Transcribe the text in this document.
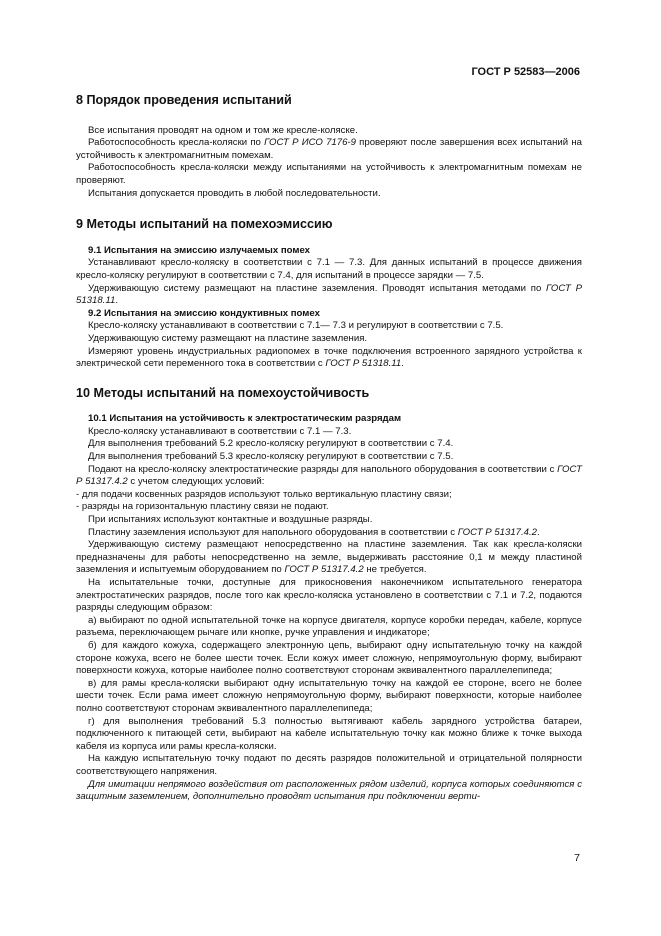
ГОСТ Р 52583—2006
8 Порядок проведения испытаний

Все испытания проводят на одном и том же кресле-коляске.

Работоспособность кресла-коляски по ГОСТ Р ИСО 7176-9 проверяют после завершения всех испытаний на устойчивость к электромагнитным помехам.

Работоспособность кресла-коляски между испытаниями на устойчивость к электромагнитным помехам не проверяют.

Испытания допускается проводить в любой последовательности.

9 Методы испытаний на помехоэмиссию
9.1 Испытания на эмиссию излучаемых помех

Устанавливают кресло-коляску в соответствии с 7.1 — 7.3. Для данных испытаний в процессе движения кресло-коляску регулируют в соответствии с 7.4, для испытаний в процессе зарядки — 7.5.

Удерживающую систему размещают на пластине заземления. Проводят испытания методами по ГОСТ Р 51318.11.

9.2 Испытания на эмиссию кондуктивных помех

Кресло-коляску устанавливают в соответствии с 7.1— 7.3 и регулируют в соответствии с 7.5.

Удерживающую систему размещают на пластине заземления.

Измеряют уровень индустриальных радиопомех в точке подключения встроенного зарядного устройства к электрической сети переменного тока в соответствии с ГОСТ Р 51318.11.

10 Методы испытаний на помехоустойчивость
10.1 Испытания на устойчивость к электростатическим разрядам

Кресло-коляску устанавливают в соответствии с 7.1 — 7.3.

Для выполнения требований 5.2 кресло-коляску регулируют в соответствии с 7.4.

Для выполнения требований 5.3 кресло-коляску регулируют в соответствии с 7.5.

Подают на кресло-коляску электростатические разряды для напольного оборудования в соответствии с ГОСТ Р 51317.4.2 с учетом следующих условий:

- для подачи косвенных разрядов используют только вертикальную пластину связи;

- разряды на горизонтальную пластину связи не подают.

При испытаниях используют контактные и воздушные разряды.

Пластину заземления используют для напольного оборудования в соответствии с ГОСТ Р 51317.4.2.

Удерживающую систему размещают непосредственно на пластине заземления. Так как кресла-коляски предназначены для работы непосредственно на земле, выдерживать расстояние 0,1 м между пластиной заземления и испытуемым оборудованием по ГОСТ Р 51317.4.2 не требуется.

На испытательные точки, доступные для прикосновения наконечником испытательного генератора электростатических разрядов, после того как кресло-коляска установлено в соответствии с 7.1 и 7.2, подаются разряды следующим образом:

а) выбирают по одной испытательной точке на корпусе двигателя, корпусе коробки передач, кабеле, корпусе разъема, переключающем рычаге или кнопке, ручке управления и индикаторе;

б) для каждого кожуха, содержащего электронную цепь, выбирают одну испытательную точку на каждой стороне кожуха, всего не более шести точек. Если кожух имеет сложную, непрямоугольную форму, выбирают поверхности кожуха, которые наиболее полно соответствуют сторонам эквивалентного параллелепипеда;

в) для рамы кресла-коляски выбирают одну испытательную точку на каждой ее стороне, всего не более шести точек. Если рама имеет сложную непрямоугольную форму, выбирают поверхности, которые наиболее полно соответствуют сторонам эквивалентного параллелепипеда;

г) для выполнения требований 5.3 полностью вытягивают кабель зарядного устройства батареи, подключенного к питающей сети, выбирают на кабеле испытательную точку как можно ближе к точке выхода кабеля из корпуса или рамы кресла-коляски.

На каждую испытательную точку подают по десять разрядов положительной и отрицательной полярности соответствующего напряжения.

Для имитации непрямого воздействия от расположенных рядом изделий, корпуса которых соединяются с защитным заземлением, дополнительно проводят испытания при подключении верти-

7
